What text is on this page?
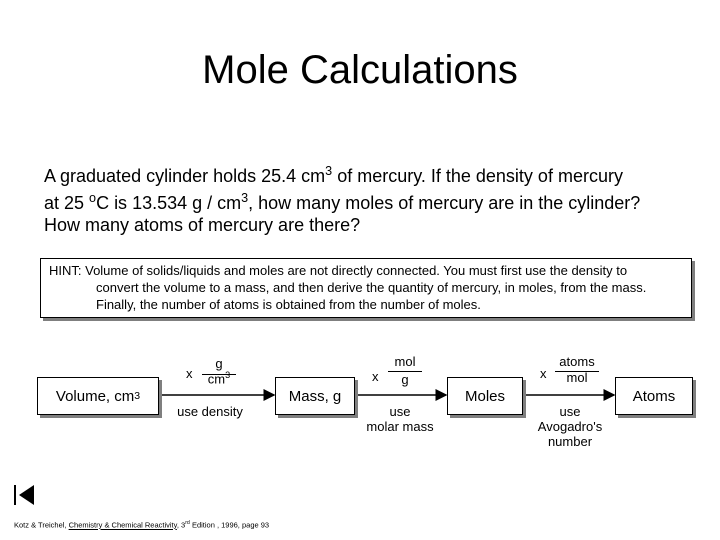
Mole Calculations
A graduated cylinder holds 25.4 $cm^3$ of mercury. If the density of mercury
at 25 $^o$C is 13.534 g / $cm^3$, how many moles of mercury are in the cylinder?
How many atoms of mercury are there?
HINT: Volume of solids/liquids and moles are not directly connected. You must first use the density to
convert the volume to a mass, and then derive the quantity of mercury, in moles, from the mass.
Finally, the number of atoms is obtained from the number of moles.
Volume, cm 3	Mass, g	Moles	Atoms
x
g
$cm^3$
use density
x
mol
g
use
molar mass
x
atoms
mol
use
Avogadro's
number
Kotz & Treichel, Chemistry & Chemical Reactivity, 3rd Edition , 1996, page 93
